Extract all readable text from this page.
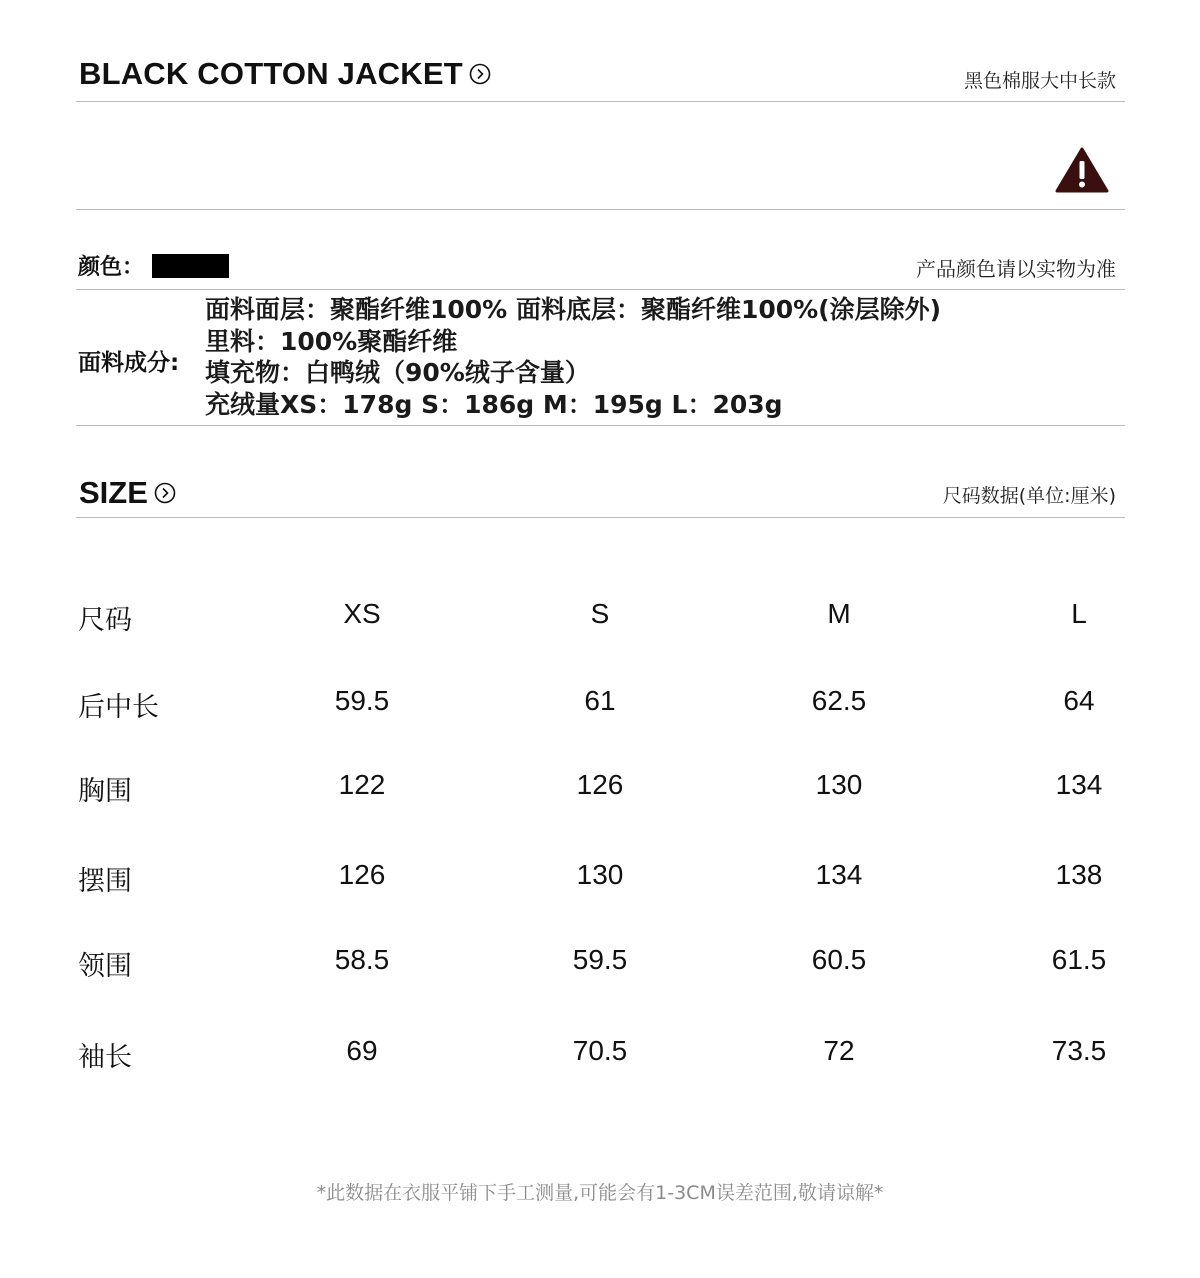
BLACK COTTON JACKET	黑色棉服大中长款
颜色：	产品颜色请以实物为准
面料成分:
面料面层：聚酯纤维100% 面料底层：聚酯纤维100%(涂层除外)
里料：100%聚酯纤维
填充物：白鸭绒（90%绒子含量）
充绒量XS：178g S：186g M：195g L：203g
SIZE	尺码数据(单位:厘米)
尺码	XS	S	M	L
后中长	59.5	61	62.5	64
胸围	122	126	130	134
摆围	126	130	134	138
领围	58.5	59.5	60.5	61.5
袖长	69	70.5	72	73.5
*此数据在衣服平铺下手工测量,可能会有1-3CM误差范围,敬请谅解*
